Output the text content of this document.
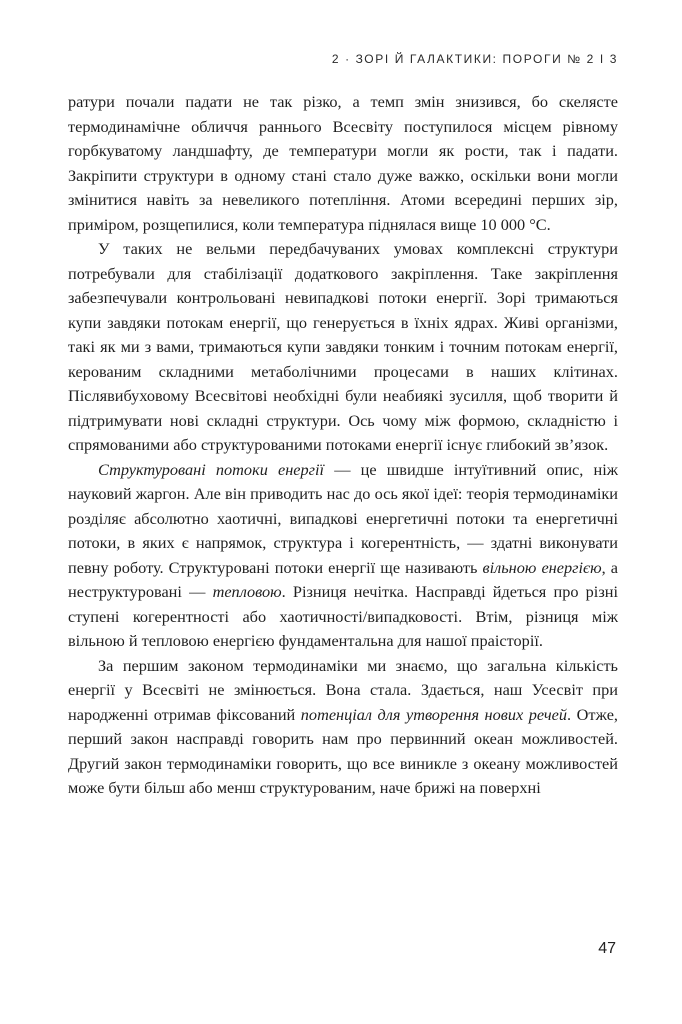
2 · ЗОРІ Й ГАЛАКТИКИ: ПОРОГИ № 2 І 3

ратури почали падати не так різко, а темп змін знизився, бо скелясте термодинамічне обличчя раннього Всесвіту поступилося місцем рівному горбкуватому ландшафту, де температури могли як рости, так і падати. Закріпити структури в одному стані стало дуже важко, оскільки вони могли змінитися навіть за невеликого потепління. Атоми всередині перших зір, приміром, розщепилися, коли температура піднялася вище 10 000 °С.

У таких не вельми передбачуваних умовах комплексні структури потребували для стабілізації додаткового закріплення. Таке закріплення забезпечували контрольовані невипадкові потоки енергії. Зорі тримаються купи завдяки потокам енергії, що генерується в їхніх ядрах. Живі організми, такі як ми з вами, тримаються купи завдяки тонким і точним потокам енергії, керованим складними метаболічними процесами в наших клітинах. Післявибуховому Всесвітові необхідні були неабиякі зусилля, щоб творити й підтримувати нові складні структури. Ось чому між формою, складністю і спрямованими або структурованими потоками енергії існує глибокий зв’язок.

Структуровані потоки енергії — це швидше інтуїтивний опис, ніж науковий жаргон. Але він приводить нас до ось якої ідеї: теорія термодинаміки розділяє абсолютно хаотичні, випадкові енергетичні потоки та енергетичні потоки, в яких є напрямок, структура і когерентність, — здатні виконувати певну роботу. Структуровані потоки енергії ще називають вільною енергією, а неструктуровані — тепловою. Різниця нечітка. Насправді йдеться про різні ступені когерентності або хаотичності/випадковості. Втім, різниця між вільною й тепловою енергією фундаментальна для нашої праісторії.

За першим законом термодинаміки ми знаємо, що загальна кількість енергії у Всесвіті не змінюється. Вона стала. Здається, наш Усесвіт при народженні отримав фіксований потенціал для утворення нових речей. Отже, перший закон насправді говорить нам про первинний океан можливостей. Другий закон термодинаміки говорить, що все виникле з океану можливостей може бути більш або менш структурованим, наче брижі на поверхні

47
